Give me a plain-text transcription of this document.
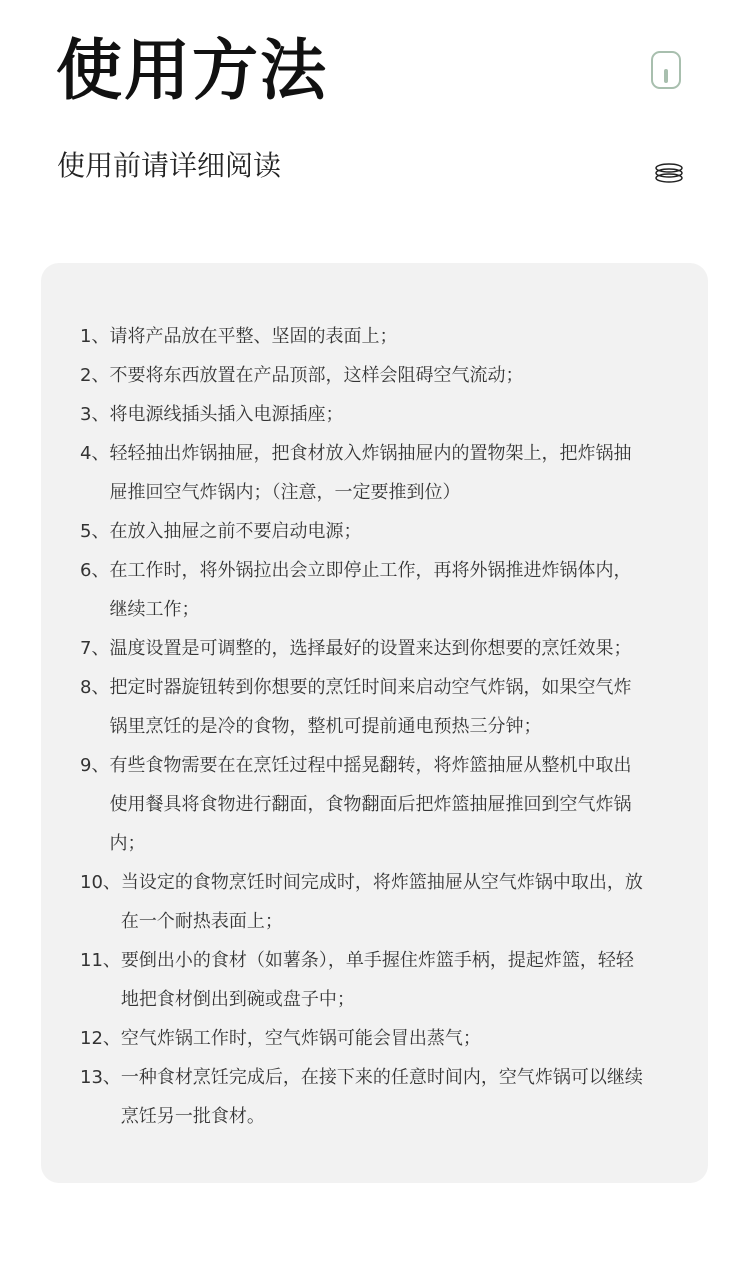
使用方法
使用前请详细阅读
1、 请将产品放在平整、坚固的表面上；
2、 不要将东西放置在产品顶部，这样会阻碍空气流动；
3、 将电源线插头插入电源插座；
4、 轻轻抽出炸锅抽屉，把食材放入炸锅抽屉内的置物架上，把炸锅抽
屉推回空气炸锅内；（注意，一定要推到位）
5、 在放入抽屉之前不要启动电源；
6、 在工作时，将外锅拉出会立即停止工作，再将外锅推进炸锅体内，
继续工作；
7、 温度设置是可调整的，选择最好的设置来达到你想要的烹饪效果；
8、 把定时器旋钮转到你想要的烹饪时间来启动空气炸锅，如果空气炸
锅里烹饪的是冷的食物，整机可提前通电预热三分钟；
9、 有些食物需要在在烹饪过程中摇晃翻转，将炸篮抽屉从整机中取出
使用餐具将食物进行翻面，食物翻面后把炸篮抽屉推回到空气炸锅
内；
10、 当设定的食物烹饪时间完成时，将炸篮抽屉从空气炸锅中取出，放
在一个耐热表面上；
11、 要倒出小的食材（如薯条），单手握住炸篮手柄，提起炸篮，轻轻
地把食材倒出到碗或盘子中；
12、 空气炸锅工作时，空气炸锅可能会冒出蒸气；
13、 一种食材烹饪完成后，在接下来的任意时间内，空气炸锅可以继续
烹饪另一批食材。
